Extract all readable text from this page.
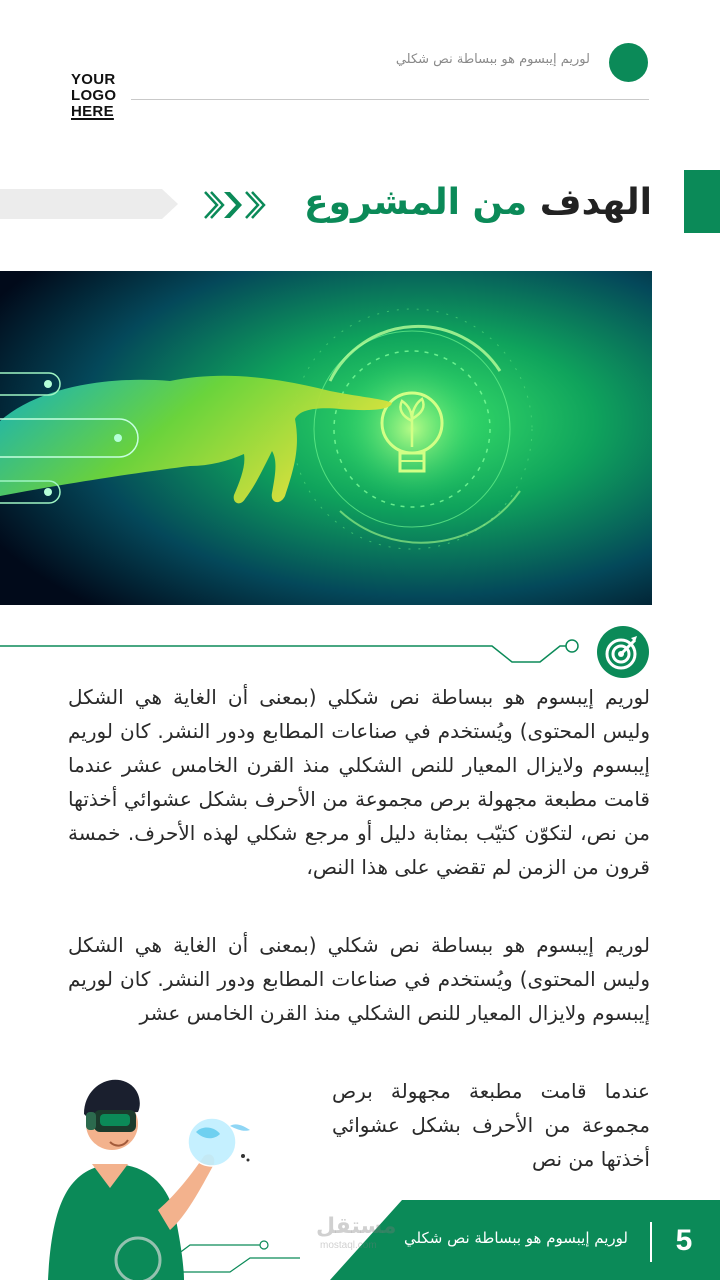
YOUR
LOGO
HERE
لوريم إيبسوم هو ببساطة نص شكلي
الهدف من المشروع

لوريم إيبسوم هو ببساطة نص شكلي (بمعنى أن الغاية هي الشكل وليس المحتوى) ويُستخدم في صناعات المطابع ودور النشر. كان لوريم إيبسوم ولايزال المعيار للنص الشكلي منذ القرن الخامس عشر عندما قامت مطبعة مجهولة برص مجموعة من الأحرف بشكل عشوائي أخذتها من نص، لتكوّن كتيّب بمثابة دليل أو مرجع شكلي لهذه الأحرف. خمسة قرون من الزمن لم تقضي على هذا النص،

لوريم إيبسوم هو ببساطة نص شكلي (بمعنى أن الغاية هي الشكل وليس المحتوى) ويُستخدم في صناعات المطابع ودور النشر. كان لوريم إيبسوم ولايزال المعيار للنص الشكلي منذ القرن الخامس عشر

عندما قامت مطبعة مجهولة برص مجموعة من الأحرف بشكل عشوائي أخذتها من نص

مستقل
mostaql.com لوريم إيبسوم هو ببساطة نص شكلي 5
